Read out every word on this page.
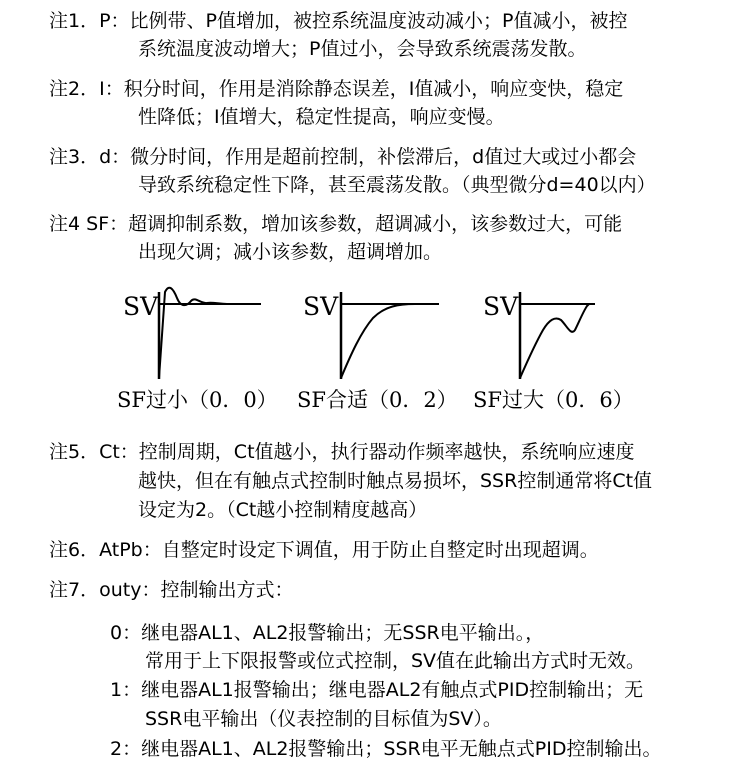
注1．P：比例带、P值增加，被控系统温度波动减小；P值减小，被控
系统温度波动增大；P值过小，会导致系统震荡发散。
注2．I：积分时间，作用是消除静态误差，I值减小，响应变快，稳定
性降低；I值增大，稳定性提高，响应变慢。
注3．d：微分时间，作用是超前控制，补偿滞后，d值过大或过小都会
导致系统稳定性下降，甚至震荡发散。（典型微分d=40以内）
注4 SF：超调抑制系数，增加该参数，超调减小，该参数过大，可能
出现欠调；减小该参数，超调增加。
SV
SF过小（0．0）
SV
SF合适（0．2）
SV
SF过大（0．6）
注5．Ct：控制周期，Ct值越小，执行器动作频率越快，系统响应速度
越快，但在有触点式控制时触点易损坏，SSR控制通常将Ct值
设定为2。（Ct越小控制精度越高）
注6．AtPb：自整定时设定下调值，用于防止自整定时出现超调。
注7．outy：控制输出方式：
0：继电器AL1、AL2报警输出；无SSR电平输出。，
常用于上下限报警或位式控制，SV值在此输出方式时无效。
1：继电器AL1报警输出；继电器AL2有触点式PID控制输出；无
SSR电平输出（仪表控制的目标值为SV）。
2：继电器AL1、AL2报警输出；SSR电平无触点式PID控制输出。
